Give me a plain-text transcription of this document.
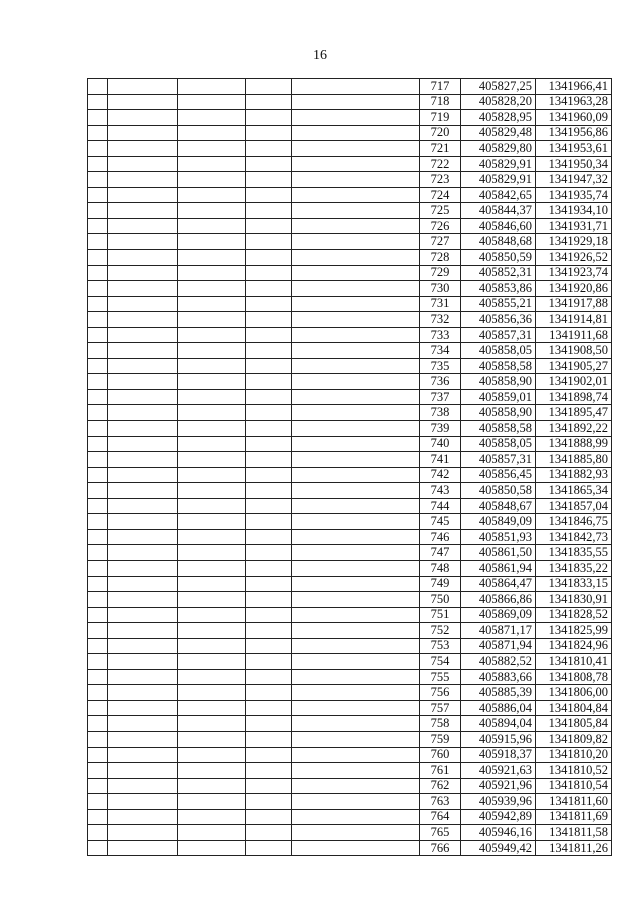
16
					717	405827,25	1341966,41
					718	405828,20	1341963,28
					719	405828,95	1341960,09
					720	405829,48	1341956,86
					721	405829,80	1341953,61
					722	405829,91	1341950,34
					723	405829,91	1341947,32
					724	405842,65	1341935,74
					725	405844,37	1341934,10
					726	405846,60	1341931,71
					727	405848,68	1341929,18
					728	405850,59	1341926,52
					729	405852,31	1341923,74
					730	405853,86	1341920,86
					731	405855,21	1341917,88
					732	405856,36	1341914,81
					733	405857,31	1341911,68
					734	405858,05	1341908,50
					735	405858,58	1341905,27
					736	405858,90	1341902,01
					737	405859,01	1341898,74
					738	405858,90	1341895,47
					739	405858,58	1341892,22
					740	405858,05	1341888,99
					741	405857,31	1341885,80
					742	405856,45	1341882,93
					743	405850,58	1341865,34
					744	405848,67	1341857,04
					745	405849,09	1341846,75
					746	405851,93	1341842,73
					747	405861,50	1341835,55
					748	405861,94	1341835,22
					749	405864,47	1341833,15
					750	405866,86	1341830,91
					751	405869,09	1341828,52
					752	405871,17	1341825,99
					753	405871,94	1341824,96
					754	405882,52	1341810,41
					755	405883,66	1341808,78
					756	405885,39	1341806,00
					757	405886,04	1341804,84
					758	405894,04	1341805,84
					759	405915,96	1341809,82
					760	405918,37	1341810,20
					761	405921,63	1341810,52
					762	405921,96	1341810,54
					763	405939,96	1341811,60
					764	405942,89	1341811,69
					765	405946,16	1341811,58
					766	405949,42	1341811,26
